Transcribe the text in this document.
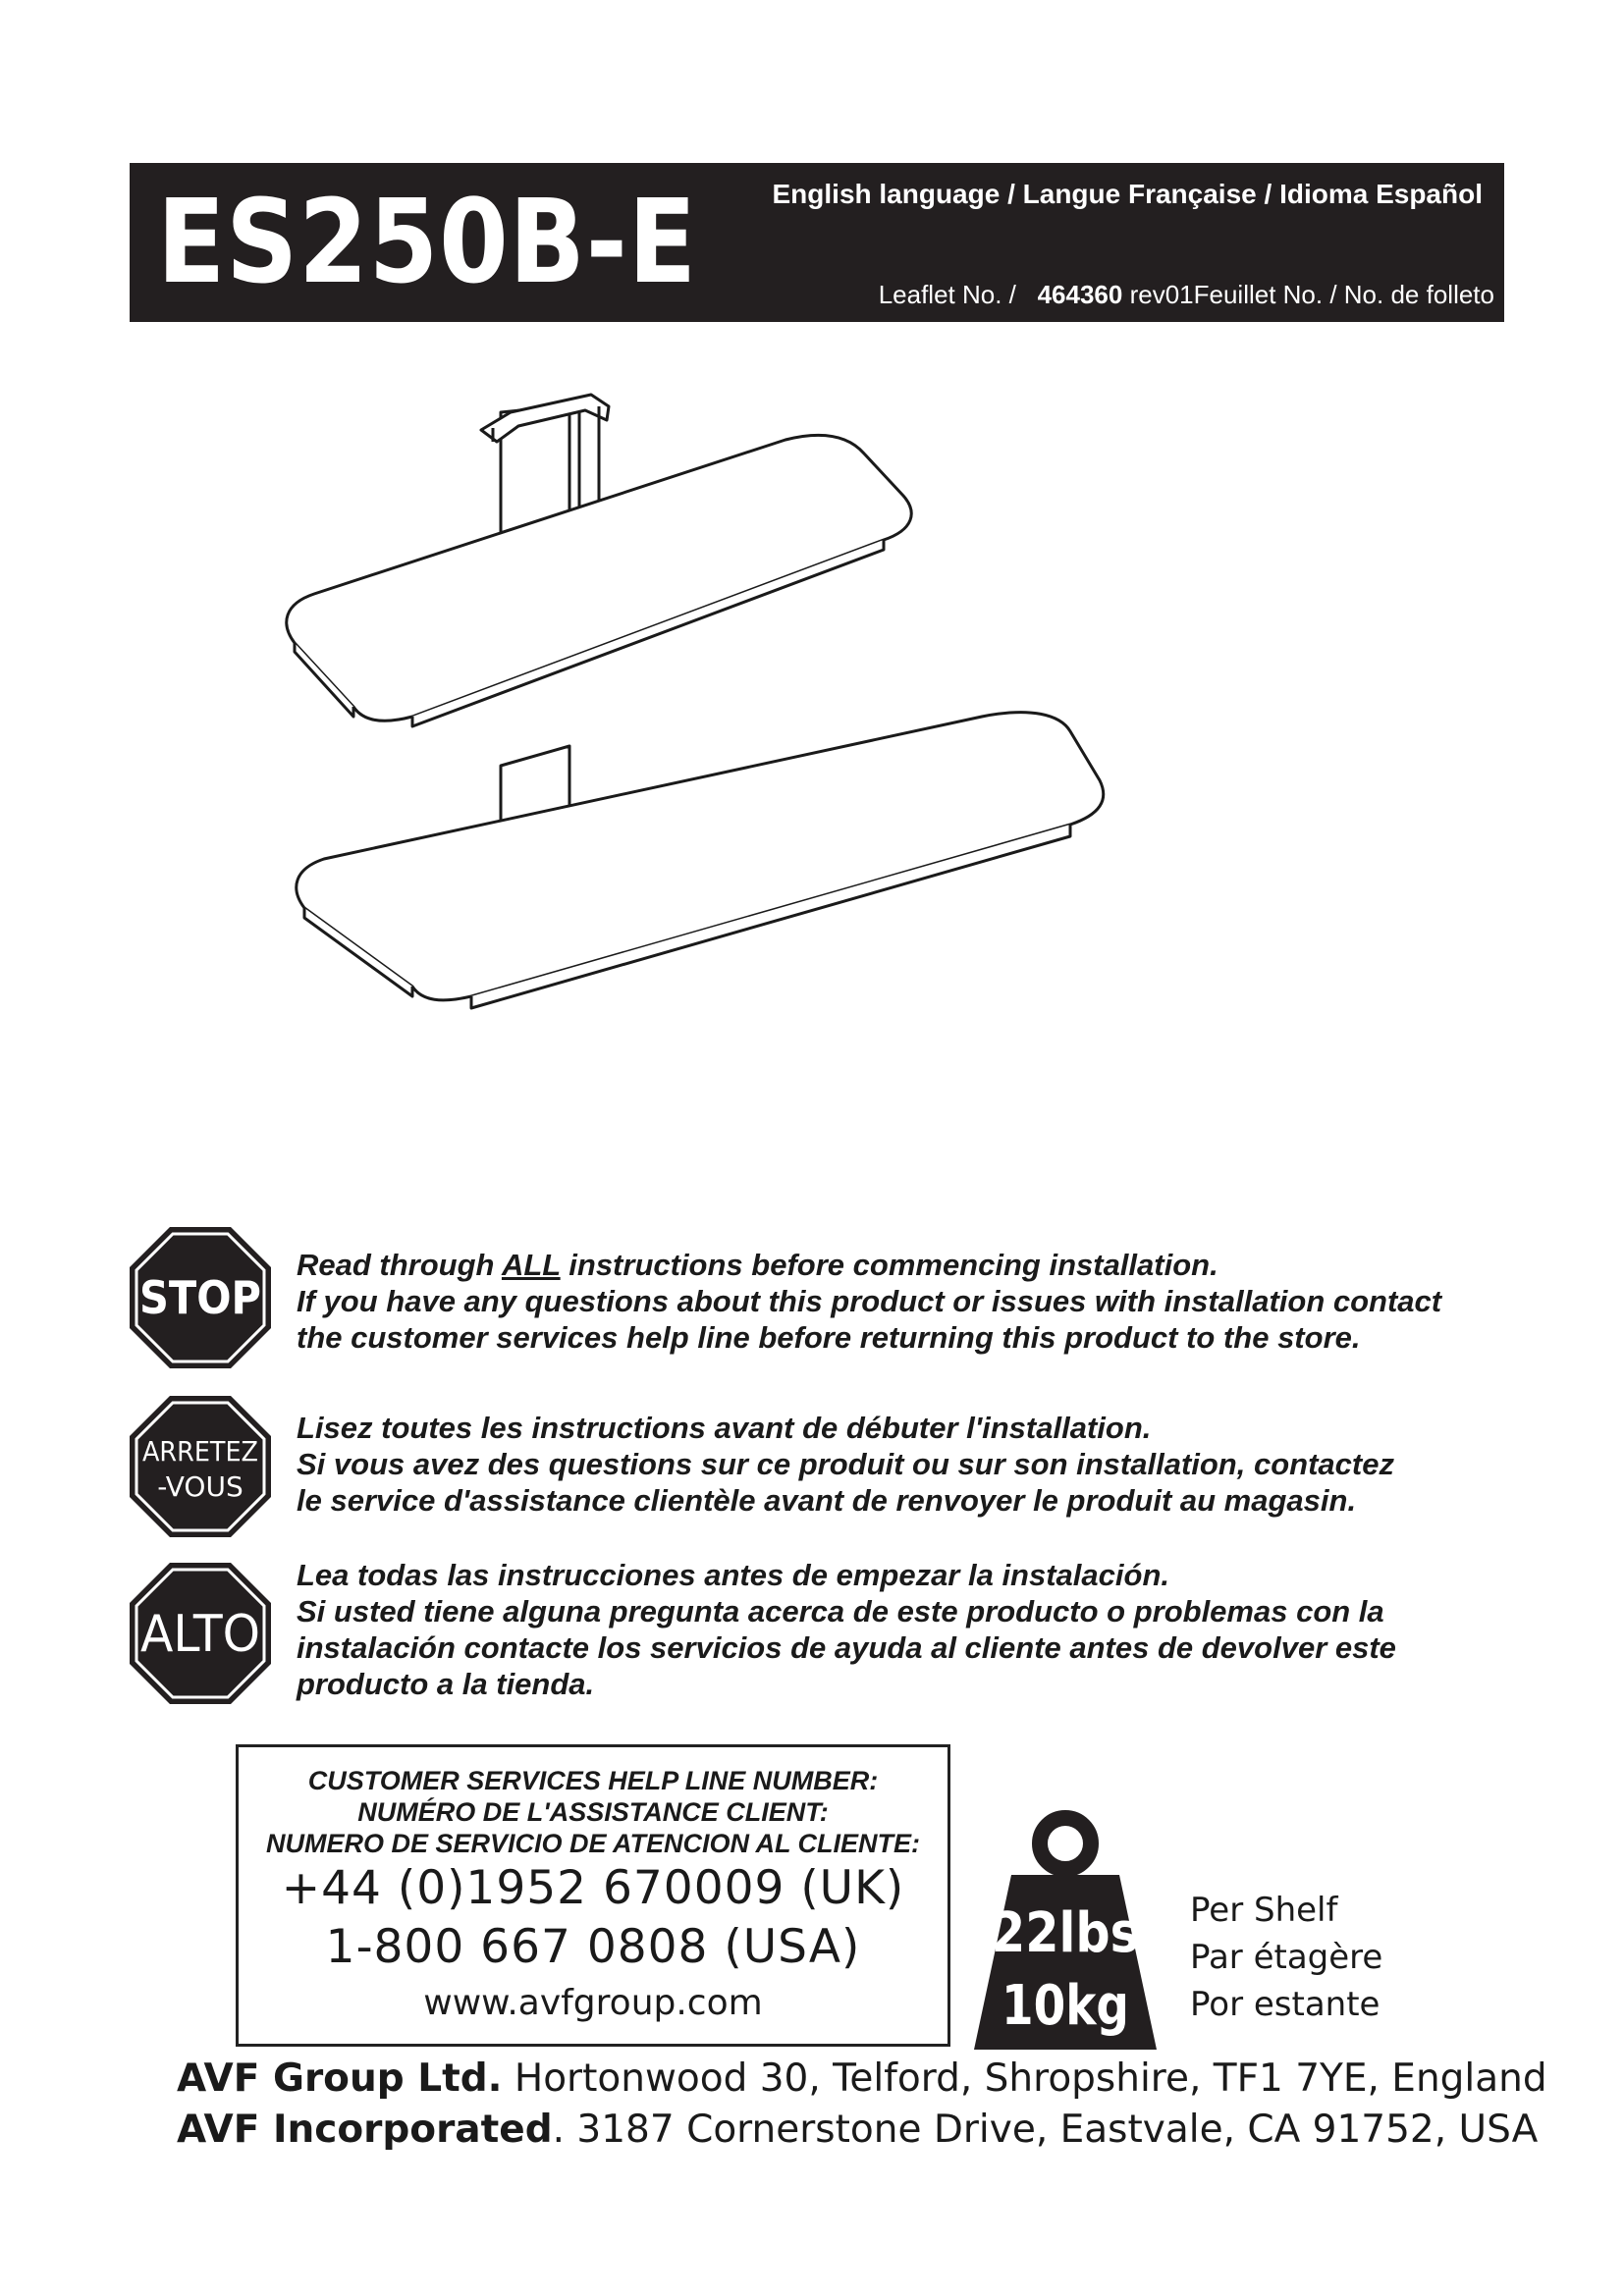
ES250B-E	English language / Langue Française / Idioma Español
Leaflet No. / 464360 rev01Feuillet No. / No. de folleto
STOP

Read through ALL instructions before commencing installation.

If you have any questions about this product or issues with installation contact

the customer services help line before returning this product to the store.

ARRETEZ
-VOUS

Lisez toutes les instructions avant de débuter l'installation.

Si vous avez des questions sur ce produit ou sur son installation, contactez

le service d'assistance clientèle avant de renvoyer le produit au magasin.

ALTO

Lea todas las instrucciones antes de empezar la instalación.

Si usted tiene alguna pregunta acerca de este producto o problemas con la

instalación contacte los servicios de ayuda al cliente antes de devolver este

producto a la tienda.

CUSTOMER SERVICES HELP LINE NUMBER:
NUMÉRO DE L'ASSISTANCE CLIENT:
NUMERO DE SERVICIO DE ATENCION AL CLIENTE:
+44 (0)1952 670009 (UK)
1-800 667 0808 (USA)
www.avfgroup.com
22lbs
10kg
Per Shelf
Par étagère
Por estante
AVF Group Ltd. Hortonwood 30, Telford, Shropshire, TF1 7YE, England
AVF Incorporated. 3187 Cornerstone Drive, Eastvale, CA 91752, USA
